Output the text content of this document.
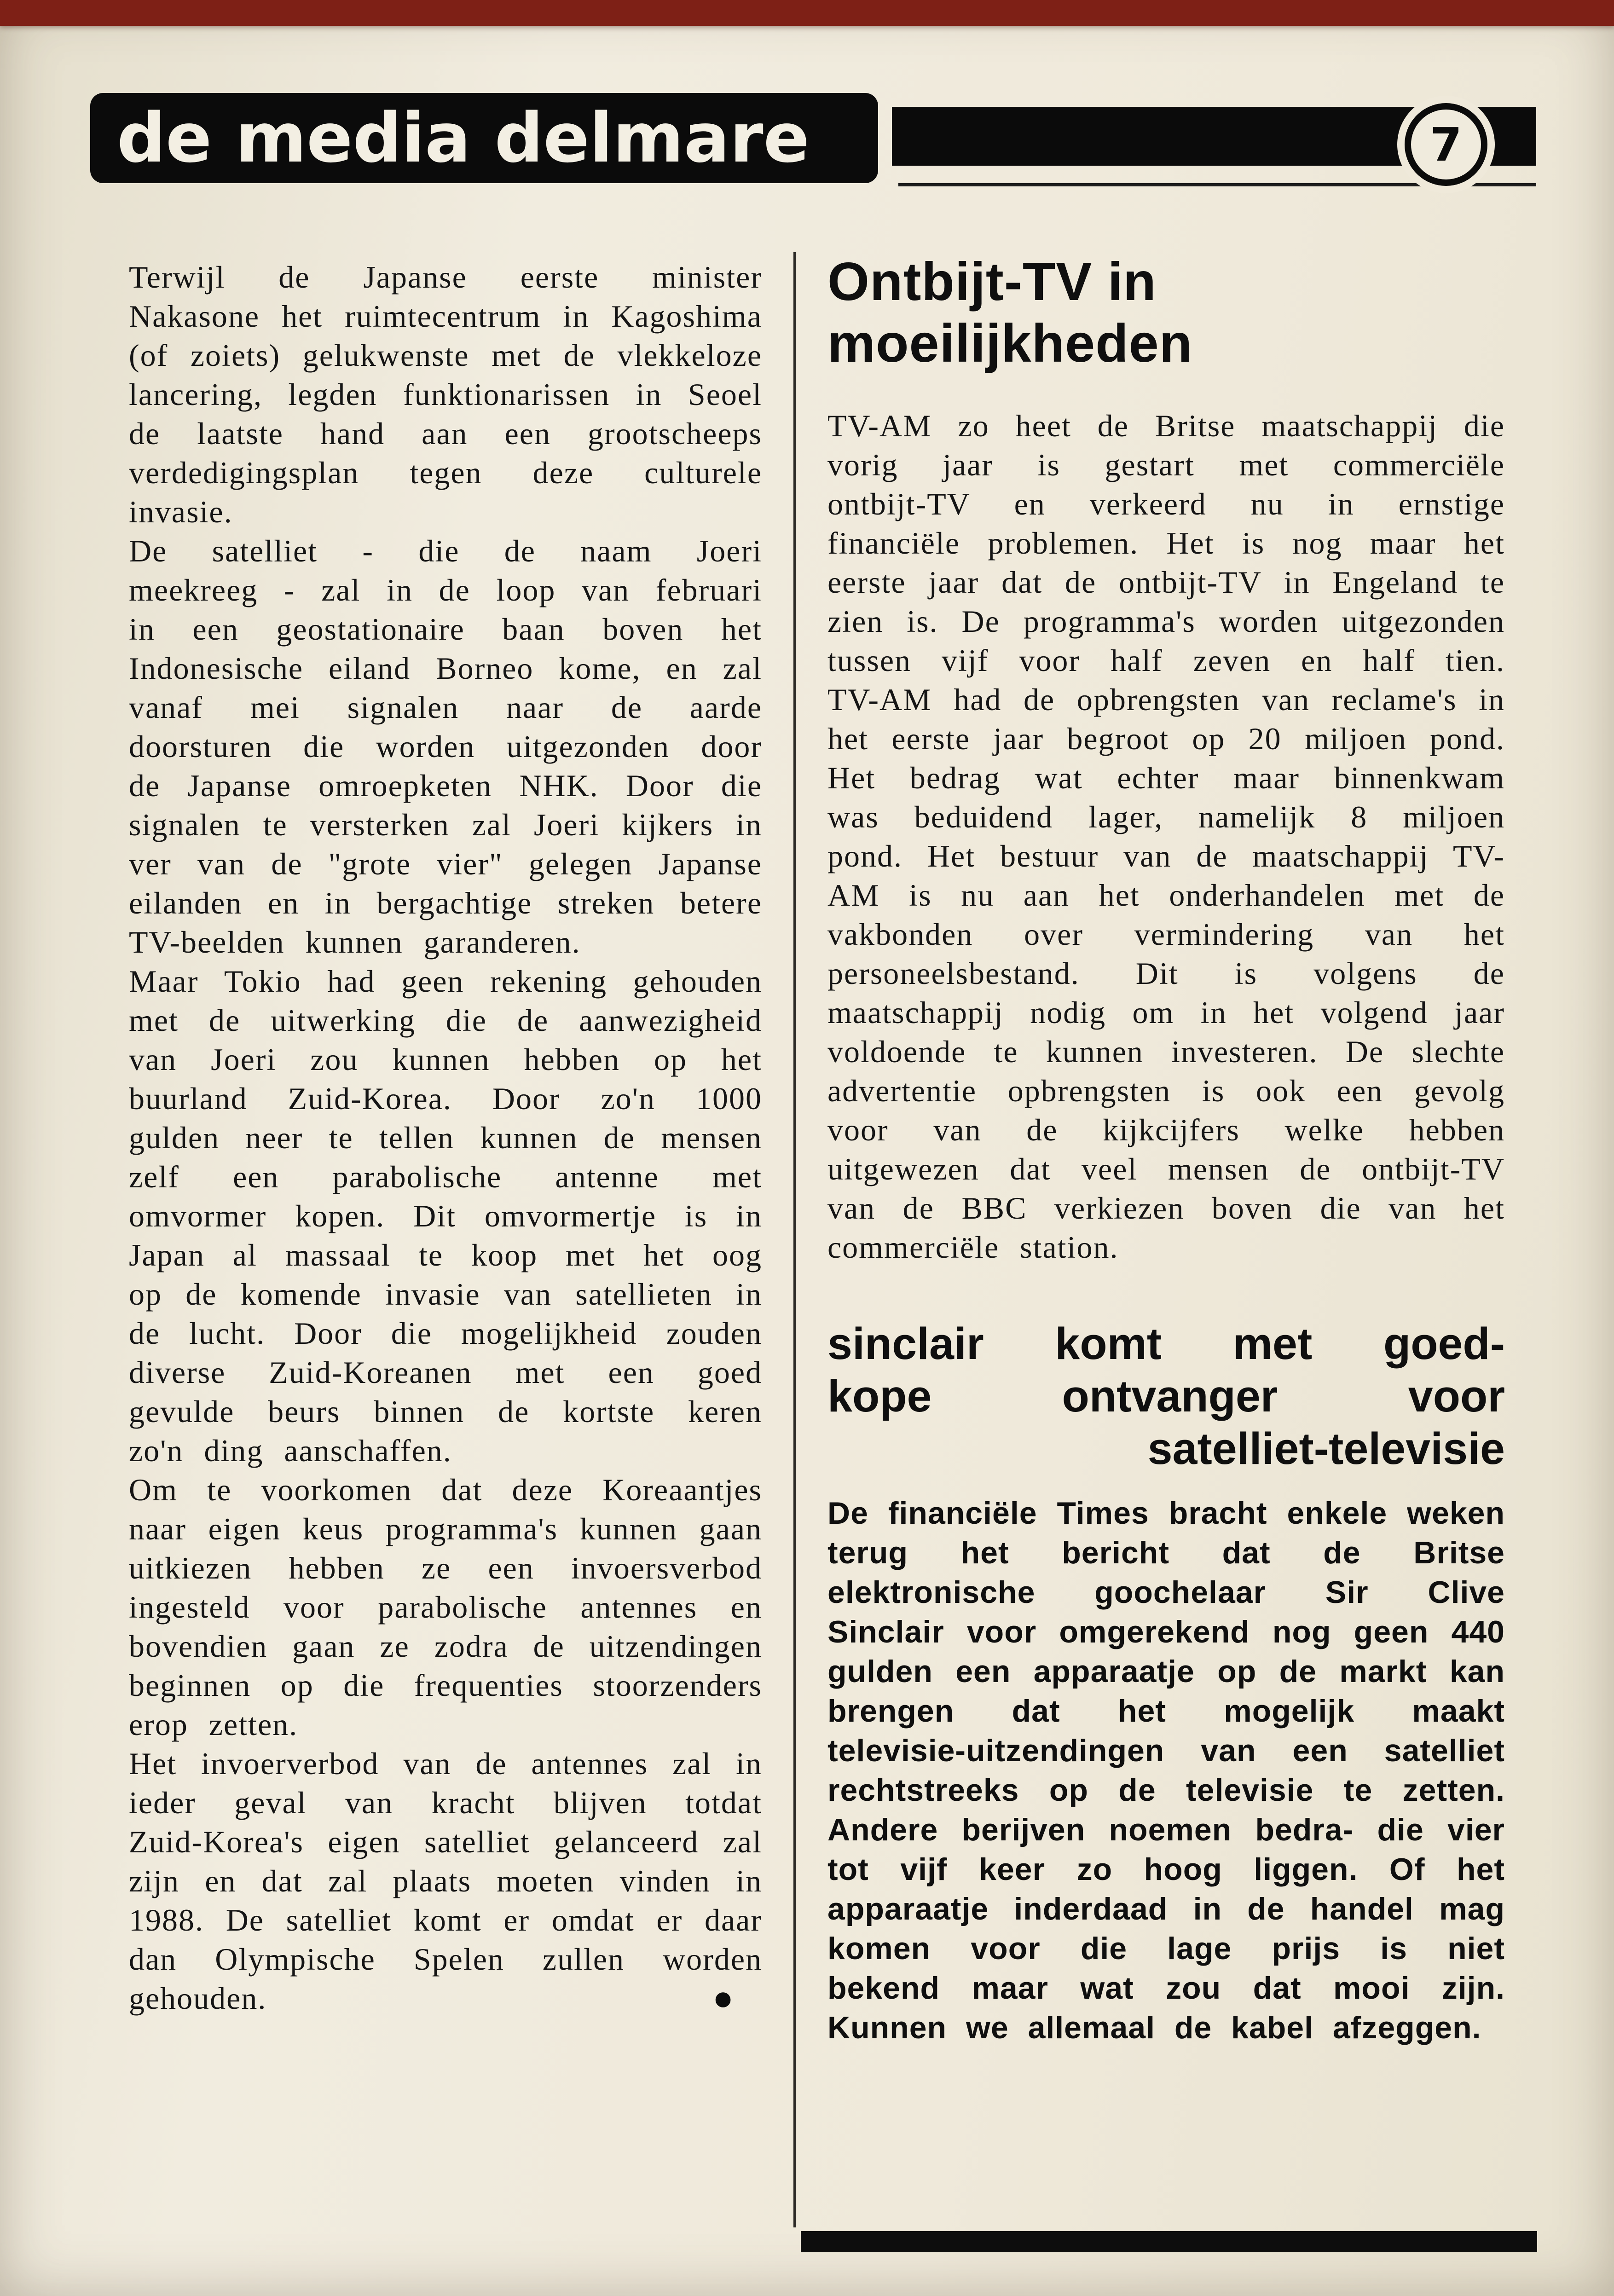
de media delmare	7

Terwijl de Japanse eerste minister Nakasone het ruimtecentrum in Kagoshima (of zoiets) gelukwenste met de vlekkeloze lancering, legden funktionarissen in Seoel de laatste hand aan een grootscheeps verdedigingsplan tegen deze culturele invasie.

De satelliet - die de naam Joeri meekreeg - zal in de loop van februari in een geostationaire baan boven het Indonesische eiland Borneo kome, en zal vanaf mei signalen naar de aarde doorsturen die worden uitgezonden door de Japanse omroepketen NHK. Door die signalen te versterken zal Joeri kijkers in ver van de "grote vier" gelegen Japanse eilanden en in bergachtige streken betere TV-beelden kunnen garanderen.

Maar Tokio had geen rekening gehouden met de uitwerking die de aanwezigheid van Joeri zou kunnen hebben op het buurland Zuid-Korea. Door zo'n 1000 gulden neer te tellen kunnen de mensen zelf een parabolische antenne met omvormer kopen. Dit omvormertje is in Japan al massaal te koop met het oog op de komende invasie van satellieten in de lucht. Door die mogelijkheid zouden diverse Zuid-Koreanen met een goed gevulde beurs binnen de kortste keren zo'n ding aanschaffen.

Om te voorkomen dat deze Koreaantjes naar eigen keus programma's kunnen gaan uitkiezen hebben ze een invoersverbod ingesteld voor parabolische antennes en bovendien gaan ze zodra de uitzendingen beginnen op die frequenties stoorzenders erop zetten.

Het invoerverbod van de antennes zal in ieder geval van kracht blijven totdat Zuid-Korea's eigen satelliet gelanceerd zal zijn en dat zal plaats moeten vinden in 1988. De satelliet komt er omdat er daar dan Olympische Spelen zullen worden gehouden.	●
Ontbijt-TV in
moeilijkheden

TV-AM zo heet de Britse maatschappij die vorig jaar is gestart met commerciële ontbijt-TV en verkeerd nu in ernstige financiële problemen. Het is nog maar het eerste jaar dat de ontbijt-TV in Engeland te zien is. De programma's worden uitgezonden tussen vijf voor half zeven en half tien. TV-AM had de opbrengsten van reclame's in het eerste jaar begroot op 20 miljoen pond. Het bedrag wat echter maar binnenkwam was beduidend lager, namelijk 8 miljoen pond. Het bestuur van de maatschappij TV-AM is nu aan het onderhandelen met de vakbonden over vermindering van het personeelsbestand. Dit is volgens de maatschappij nodig om in het volgend jaar voldoende te kunnen investeren. De slechte advertentie opbrengsten is ook een gevolg voor van de kijkcijfers welke hebben uitgewezen dat veel mensen de ontbijt-TV van de BBC verkiezen boven die van het commerciële station.

sinclair komt met goed-
kope ontvanger voor
satelliet-televisie

De financiële Times bracht enkele weken terug het bericht dat de Britse elektronische goochelaar Sir Clive Sinclair voor omgerekend nog geen 440 gulden een apparaatje op de markt kan brengen dat het mogelijk maakt televisie-uitzendingen van een satelliet rechtstreeks op de televisie te zetten. Andere berijven noemen bedra- die vier tot vijf keer zo hoog liggen. Of het apparaatje inderdaad in de handel mag komen voor die lage prijs is niet bekend maar wat zou dat mooi zijn. Kunnen we allemaal de kabel afzeggen.
